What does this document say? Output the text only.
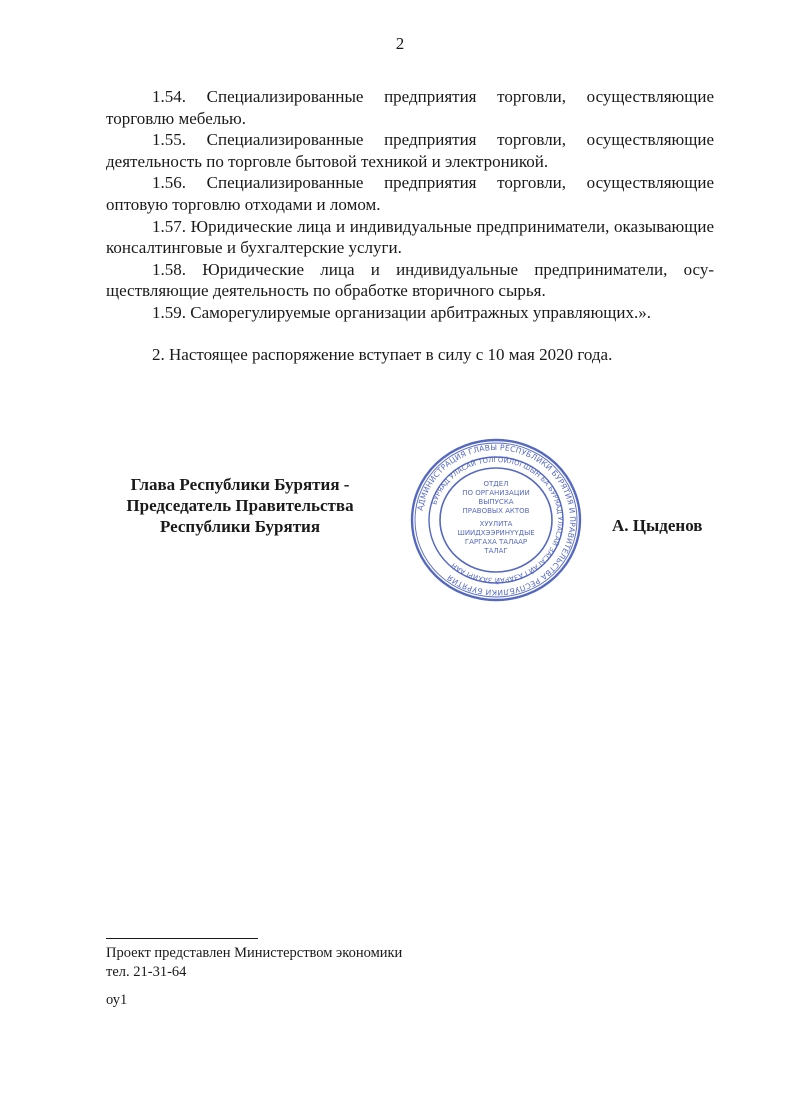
2

1.54. Специализированные предприятия торговли, осуществляющие торговлю мебелью.

1.55. Специализированные предприятия торговли, осуществляющие деятельность по торговле бытовой техникой и электроникой.

1.56. Специализированные предприятия торговли, осуществляющие оптовую торговлю отходами и ломом.

1.57. Юридические лица и индивидуальные предприниматели, оказывающие консалтинговые и бухгалтерские услуги.

1.58. Юридические лица и индивидуальные предприниматели, осуществляющие деятельность по обработке вторичного сырья.

1.59. Саморегулируемые организации арбитражных управляющих.».

2. Настоящее распоряжение вступает в силу с 10 мая 2020 года.

Глава Республики Бурятия -
Председатель Правительства
Республики Бурятия
АДМИНИСТРАЦИЯ ГЛАВЫ РЕСПУБЛИКИ БУРЯТИЯ И ПРАВИТЕЛЬСТВА РЕСПУБЛИКИ БУРЯТИЯ
БУРЯАД УЛАСАЙ ТОЛГОЙЛОГШЫН БА БУРЯАД УЛАСАЙ ЗАСАГАЙ ГАЗАРАЙ ЗАХИРГААН
ОТДЕЛ
ПО ОРГАНИЗАЦИИ
ВЫПУСКА
ПРАВОВЫХ АКТОВ
ХУУЛИТА
ШИИДХЭЭРИНҮҮДЫЕ
ГАРГАХА ТАЛААР
ТАЛАГ
А. Цыденов
Проект представлен Министерством экономики
тел. 21-31-64
оу1
